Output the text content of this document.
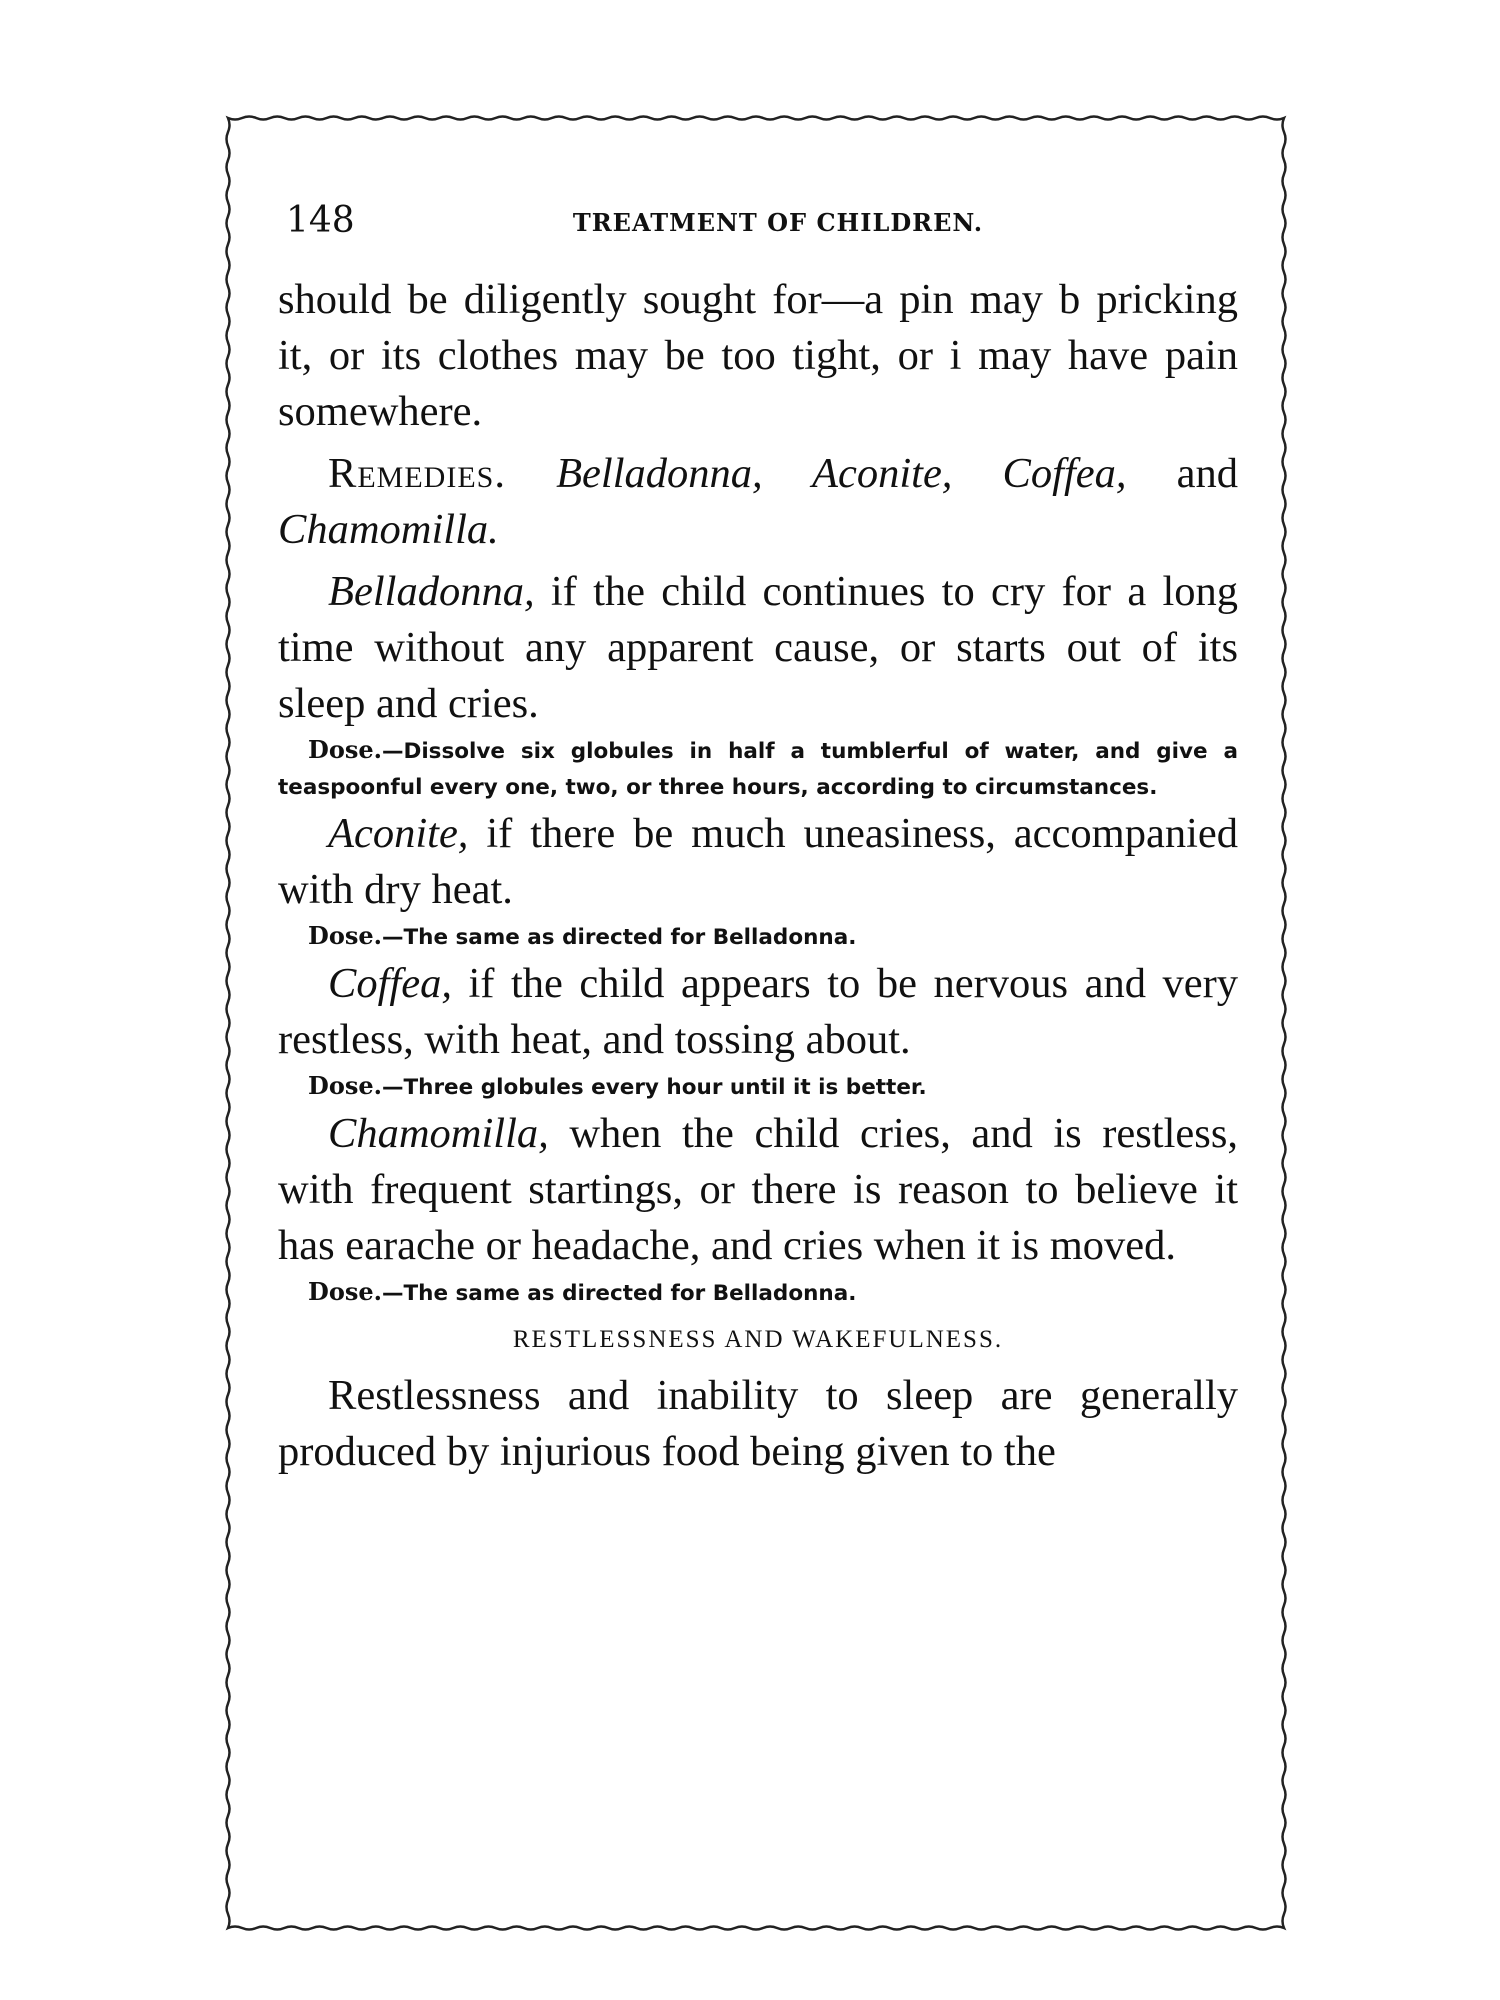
148	TREATMENT OF CHILDREN.

should be diligently sought for—a pin may b pricking it, or its clothes may be too tight, or i may have pain somewhere.

Remedies. Belladonna, Aconite, Coffea, and Chamomilla.

Belladonna, if the child continues to cry for a long time without any apparent cause, or starts out of its sleep and cries.

Dose.—Dissolve six globules in half a tumblerful of water, and give a teaspoonful every one, two, or three hours, according to circumstances.

Aconite, if there be much uneasiness, accompanied with dry heat.

Dose.—The same as directed for Belladonna.

Coffea, if the child appears to be nervous and very restless, with heat, and tossing about.

Dose.—Three globules every hour until it is better.

Chamomilla, when the child cries, and is restless, with frequent startings, or there is reason to believe it has earache or headache, and cries when it is moved.

Dose.—The same as directed for Belladonna.

RESTLESSNESS AND WAKEFULNESS.

Restlessness and inability to sleep are generally produced by injurious food being given to the
